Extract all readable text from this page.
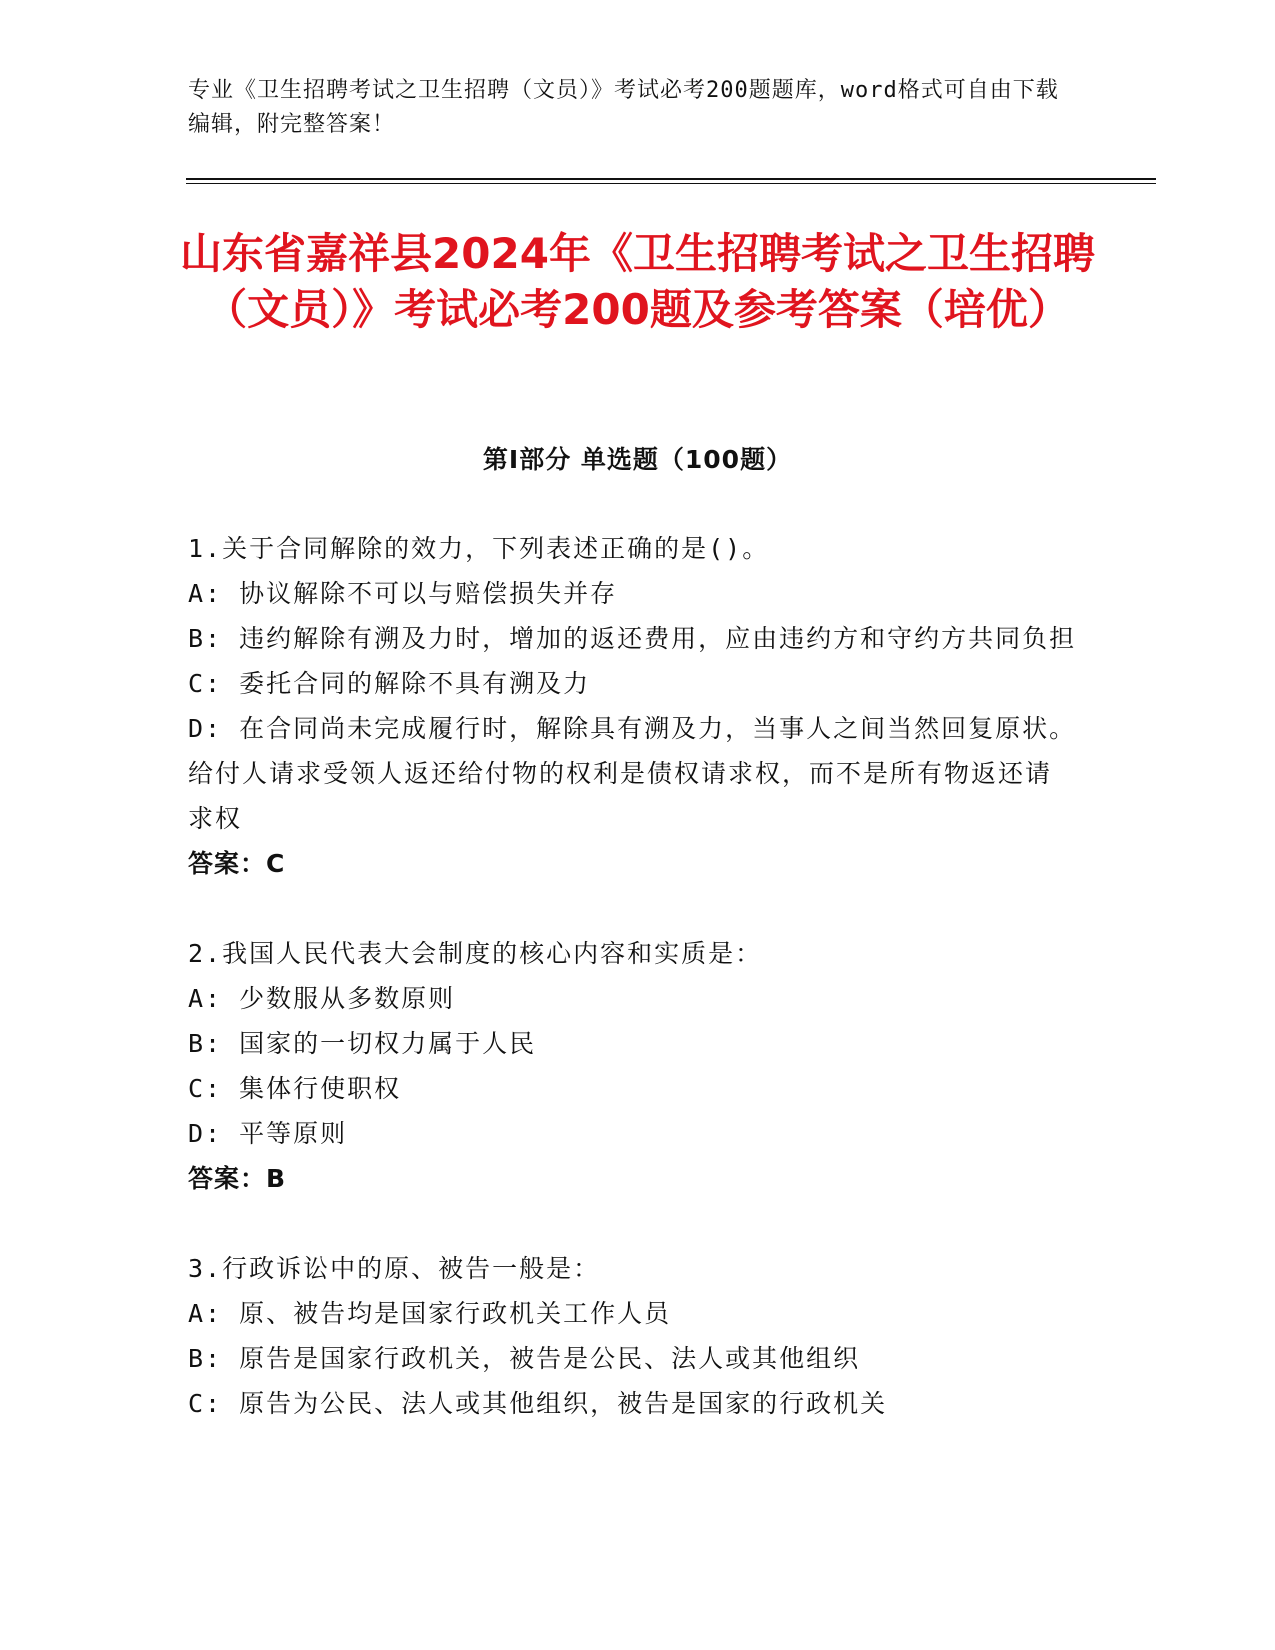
专业《卫生招聘考试之卫生招聘（文员）》考试必考200题题库，word格式可自由下载编辑，附完整答案！
山东省嘉祥县2024年《卫生招聘考试之卫生招聘（文员）》考试必考200题及参考答案（培优）
第Ⅰ部分 单选题（100题）

1.关于合同解除的效力，下列表述正确的是()。

A: 协议解除不可以与赔偿损失并存

B: 违约解除有溯及力时，增加的返还费用，应由违约方和守约方共同负担

C: 委托合同的解除不具有溯及力

D: 在合同尚未完成履行时，解除具有溯及力，当事人之间当然回复原状。给付人请求受领人返还给付物的权利是债权请求权，而不是所有物返还请求权

答案：C

2.我国人民代表大会制度的核心内容和实质是：

A: 少数服从多数原则

B: 国家的一切权力属于人民

C: 集体行使职权

D: 平等原则

答案：B

3.行政诉讼中的原、被告一般是：

A: 原、被告均是国家行政机关工作人员

B: 原告是国家行政机关，被告是公民、法人或其他组织

C: 原告为公民、法人或其他组织，被告是国家的行政机关
